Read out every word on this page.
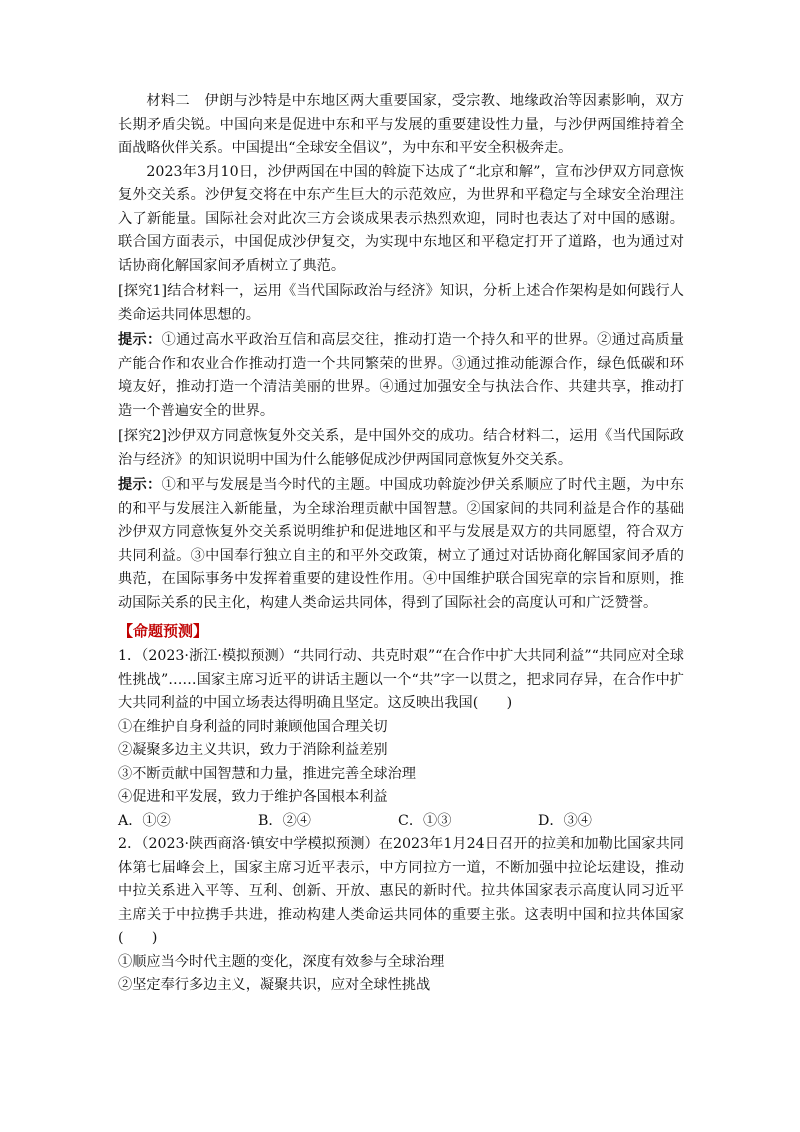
材料二　伊朗与沙特是中东地区两大重要国家，受宗教、地缘政治等因素影响，双方长期矛盾尖锐。中国向来是促进中东和平与发展的重要建设性力量，与沙伊两国维持着全面战略伙伴关系。中国提出“全球安全倡议”，为中东和平安全积极奔走。

2023年3月10日，沙伊两国在中国的斡旋下达成了“北京和解”，宣布沙伊双方同意恢复外交关系。沙伊复交将在中东产生巨大的示范效应，为世界和平稳定与全球安全治理注入了新能量。国际社会对此次三方会谈成果表示热烈欢迎，同时也表达了对中国的感谢。联合国方面表示，中国促成沙伊复交，为实现中东地区和平稳定打开了道路，也为通过对话协商化解国家间矛盾树立了典范。

[探究1]结合材料一，运用《当代国际政治与经济》知识，分析上述合作架构是如何践行人类命运共同体思想的。

提示：①通过高水平政治互信和高层交往，推动打造一个持久和平的世界。②通过高质量产能合作和农业合作推动打造一个共同繁荣的世界。③通过推动能源合作，绿色低碳和环境友好，推动打造一个清洁美丽的世界。④通过加强安全与执法合作、共建共享，推动打造一个普遍安全的世界。

[探究2]沙伊双方同意恢复外交关系，是中国外交的成功。结合材料二，运用《当代国际政治与经济》的知识说明中国为什么能够促成沙伊两国同意恢复外交关系。

提示：①和平与发展是当今时代的主题。中国成功斡旋沙伊关系顺应了时代主题，为中东的和平与发展注入新能量，为全球治理贡献中国智慧。②国家间的共同利益是合作的基础沙伊双方同意恢复外交关系说明维护和促进地区和平与发展是双方的共同愿望，符合双方共同利益。③中国奉行独立自主的和平外交政策，树立了通过对话协商化解国家间矛盾的典范，在国际事务中发挥着重要的建设性作用。④中国维护联合国宪章的宗旨和原则，推动国际关系的民主化，构建人类命运共同体，得到了国际社会的高度认可和广泛赞誉。

【命题预测】

1．（2023·浙江·模拟预测）“共同行动、共克时艰”“在合作中扩大共同利益”“共同应对全球性挑战”……国家主席习近平的讲话主题以一个“共”字一以贯之，把求同存异，在合作中扩大共同利益的中国立场表达得明确且坚定。这反映出我国(　　)

①在维护自身利益的同时兼顾他国合理关切

②凝聚多边主义共识，致力于消除利益差别

③不断贡献中国智慧和力量，推进完善全球治理

④促进和平发展，致力于维护各国根本利益

A．①②	B．②④	C．①③	D．③④

2．（2023·陕西商洛·镇安中学模拟预测）在2023年1月24日召开的拉美和加勒比国家共同体第七届峰会上，国家主席习近平表示，中方同拉方一道，不断加强中拉论坛建设，推动中拉关系进入平等、互利、创新、开放、惠民的新时代。拉共体国家表示高度认同习近平主席关于中拉携手共进，推动构建人类命运共同体的重要主张。这表明中国和拉共体国家(　　)

①顺应当今时代主题的变化，深度有效参与全球治理

②坚定奉行多边主义，凝聚共识，应对全球性挑战
